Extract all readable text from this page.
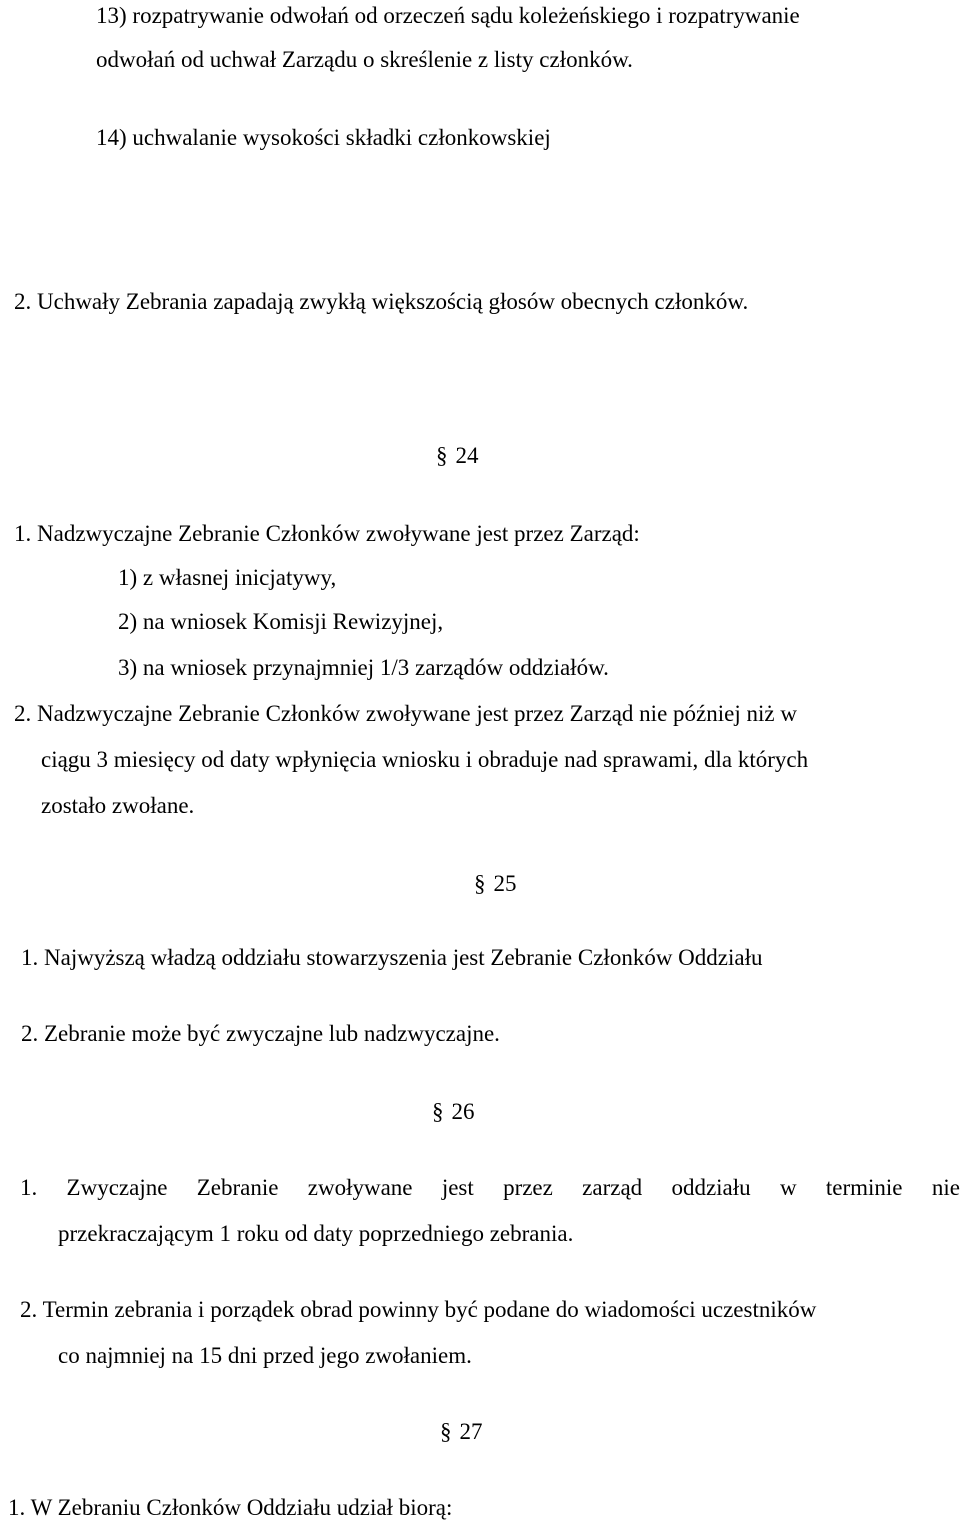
13) rozpatrywanie odwołań od orzeczeń sądu koleżeńskiego i rozpatrywanie
odwołań od uchwał Zarządu o skreślenie z listy członków.
14) uchwalanie wysokości składki członkowskiej
2. Uchwały Zebrania zapadają zwykłą większością głosów obecnych członków.
§ 24
1. Nadzwyczajne Zebranie Członków zwoływane jest przez Zarząd:
1) z własnej inicjatywy,
2) na wniosek Komisji Rewizyjnej,
3) na wniosek przynajmniej 1/3 zarządów oddziałów.
2. Nadzwyczajne Zebranie Członków zwoływane jest przez Zarząd nie później niż w
ciągu 3 miesięcy od daty wpłynięcia wniosku i obraduje nad sprawami, dla których
zostało zwołane.
§ 25
1. Najwyższą władzą oddziału stowarzyszenia jest Zebranie Członków Oddziału
2. Zebranie może być zwyczajne lub nadzwyczajne.
§ 26
1. Zwyczajne Zebranie zwoływane jest przez zarząd oddziału w terminie nie
przekraczającym 1 roku od daty poprzedniego zebrania.
2. Termin zebrania i porządek obrad powinny być podane do wiadomości uczestników
co najmniej na 15 dni przed jego zwołaniem.
§ 27
1. W Zebraniu Członków Oddziału udział biorą:
